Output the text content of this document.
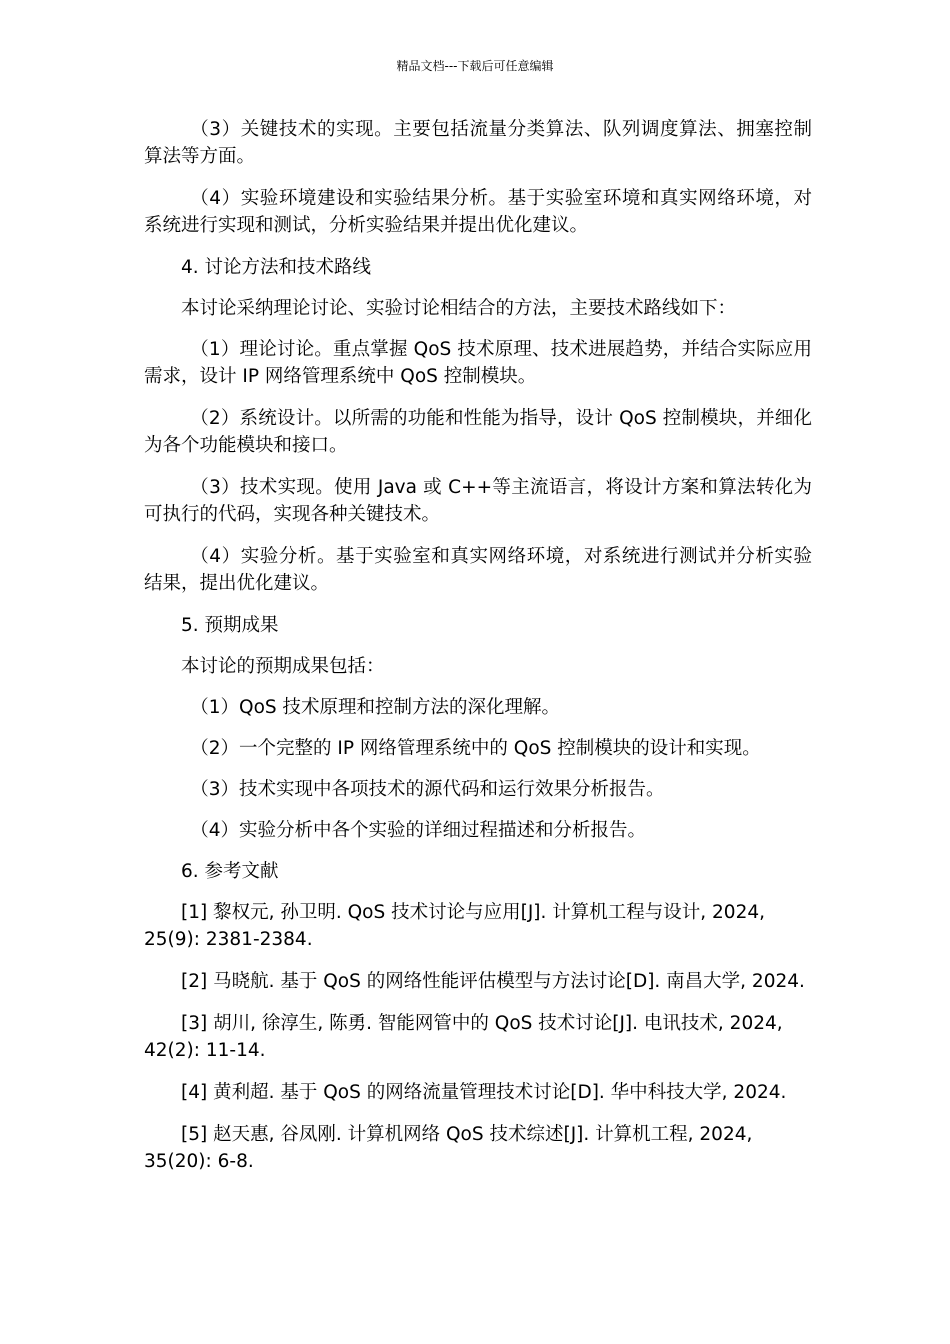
精品文档---下载后可任意编辑

（3）关键技术的实现。主要包括流量分类算法、队列调度算法、拥塞控制算法等方面。

（4）实验环境建设和实验结果分析。基于实验室环境和真实网络环境，对系统进行实现和测试，分析实验结果并提出优化建议。

4. 讨论方法和技术路线

本讨论采纳理论讨论、实验讨论相结合的方法，主要技术路线如下：

（1）理论讨论。重点掌握 QoS 技术原理、技术进展趋势，并结合实际应用需求，设计 IP 网络管理系统中 QoS 控制模块。

（2）系统设计。以所需的功能和性能为指导，设计 QoS 控制模块，并细化为各个功能模块和接口。

（3）技术实现。使用 Java 或 C++等主流语言，将设计方案和算法转化为可执行的代码，实现各种关键技术。

（4）实验分析。基于实验室和真实网络环境，对系统进行测试并分析实验结果，提出优化建议。

5. 预期成果

本讨论的预期成果包括：

（1）QoS 技术原理和控制方法的深化理解。

（2）一个完整的 IP 网络管理系统中的 QoS 控制模块的设计和实现。

（3）技术实现中各项技术的源代码和运行效果分析报告。

（4）实验分析中各个实验的详细过程描述和分析报告。

6. 参考文献

[1] 黎权元, 孙卫明. QoS 技术讨论与应用[J]. 计算机工程与设计, 2024, 25(9): 2381-2384.

[2] 马晓航. 基于 QoS 的网络性能评估模型与方法讨论[D]. 南昌大学, 2024.

[3] 胡川, 徐淳生, 陈勇. 智能网管中的 QoS 技术讨论[J]. 电讯技术, 2024, 42(2): 11-14.

[4] 黄利超. 基于 QoS 的网络流量管理技术讨论[D]. 华中科技大学, 2024.

[5] 赵天惠, 谷凤刚. 计算机网络 QoS 技术综述[J]. 计算机工程, 2024, 35(20): 6-8.
